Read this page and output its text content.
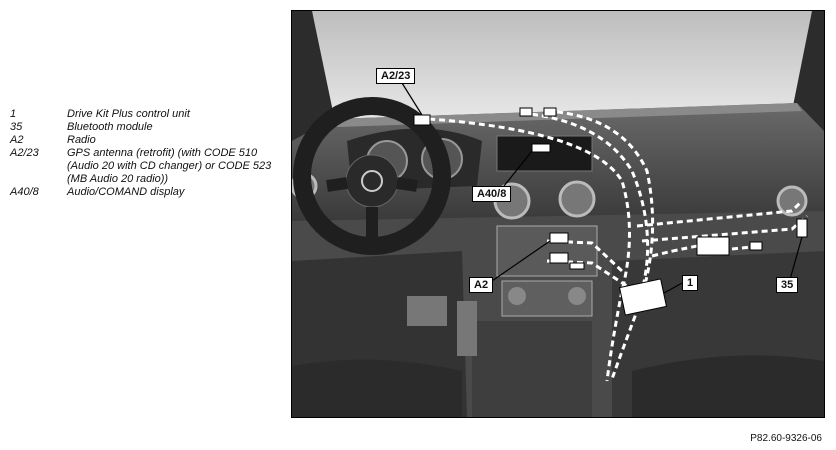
1	Drive Kit Plus control unit
35	Bluetooth module
A2	Radio
A2/23	GPS antenna (retrofit) (with CODE 510 (Audio 20 with CD changer) or CODE 523 (MB Audio 20 radio))
A40/8	Audio/COMAND display
A2/23
A40/8
A2	1	35
P82.60-9326-06
